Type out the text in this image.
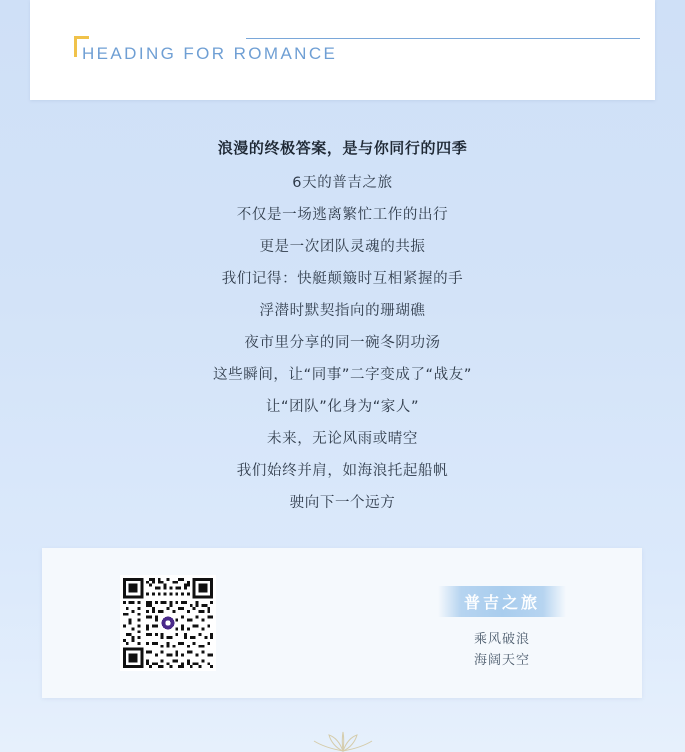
HEADING FOR ROMANCE
浪漫的终极答案，是与你同行的四季
6天的普吉之旅
不仅是一场逃离繁忙工作的出行
更是一次团队灵魂的共振
我们记得：快艇颠簸时互相紧握的手
浮潜时默契指向的珊瑚礁
夜市里分享的同一碗冬阴功汤
这些瞬间，让“同事”二字变成了“战友”
让“团队”化身为“家人”
未来，无论风雨或晴空
我们始终并肩，如海浪托起船帆
驶向下一个远方
普吉之旅
乘风破浪
海阔天空
